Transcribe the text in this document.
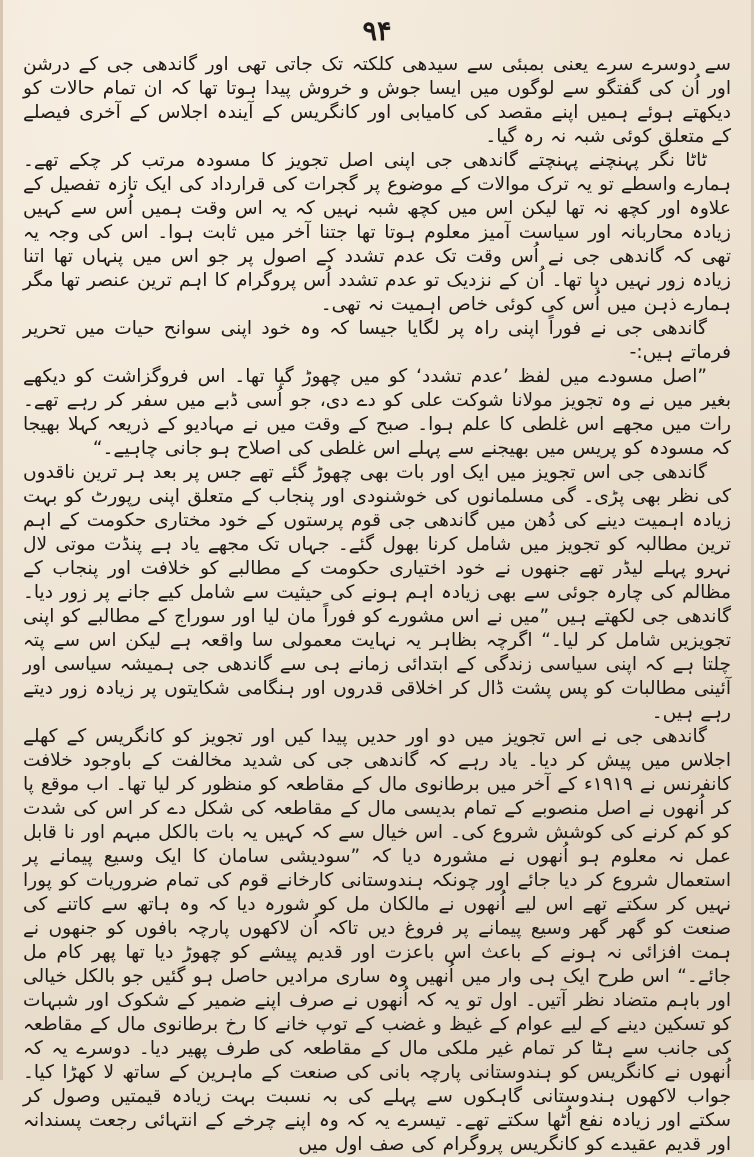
۹۴

سے دوسرے سرے یعنی بمبئی سے سیدھی کلکتہ تک جاتی تھی اور گاندھی جی کے درشن اور اُن کی گفتگو سے لوگوں میں ایسا جوش و خروش پیدا ہوتا تھا کہ ان تمام حالات کو دیکھتے ہوئے ہمیں اپنے مقصد کی کامیابی اور کانگریس کے آیندہ اجلاس کے آخری فیصلے کے متعلق کوئی شبہ نہ رہ گیا۔

ٹاٹا نگر پہنچنے پہنچتے گاندھی جی اپنی اصل تجویز کا مسودہ مرتب کر چکے تھے۔ ہمارے واسطے تو یہ ترک موالات کے موضوع پر گجرات کی قرارداد کی ایک تازہ تفصیل کے علاوہ اور کچھ نہ تھا لیکن اس میں کچھ شبہ نہیں کہ یہ اس وقت ہمیں اُس سے کہیں زیادہ محاربانہ اور سیاست آمیز معلوم ہوتا تھا جتنا آخر میں ثابت ہوا۔ اس کی وجہ یہ تھی کہ گاندھی جی نے اُس وقت تک عدم تشدد کے اصول پر جو اس میں پنہاں تھا اتنا زیادہ زور نہیں دیا تھا۔ اُن کے نزدیک تو عدم تشدد اُس پروگرام کا اہم ترین عنصر تھا مگر ہمارے ذہن میں اُس کی کوئی خاص اہمیت نہ تھی۔

گاندھی جی نے فوراً اپنی راہ پر لگایا جیسا کہ وہ خود اپنی سوانح حیات میں تحریر فرماتے ہیں:-

”اصل مسودے میں لفظ ’عدم تشدد‘ کو میں چھوڑ گیا تھا۔ اس فروگزاشت کو دیکھے بغیر میں نے وہ تجویز مولانا شوکت علی کو دے دی، جو اُسی ڈبے میں سفر کر رہے تھے۔ رات میں مجھے اس غلطی کا علم ہوا۔ صبح کے وقت میں نے مہادیو کے ذریعہ کہلا بھیجا کہ مسودہ کو پریس میں بھیجنے سے پہلے اس غلطی کی اصلاح ہو جانی چاہیے۔“

گاندھی جی اس تجویز میں ایک اور بات بھی چھوڑ گئے تھے جس پر بعد ہر ترین ناقدوں کی نظر بھی پڑی۔ گی مسلمانوں کی خوشنودی اور پنجاب کے متعلق اپنی رپورٹ کو بہت زیادہ اہمیت دینے کی دُھن میں گاندھی جی قوم پرستوں کے خود مختاری حکومت کے اہم ترین مطالبہ کو تجویز میں شامل کرنا بھول گئے۔ جہاں تک مجھے یاد ہے پنڈت موتی لال نہرو پہلے لیڈر تھے جنھوں نے خود اختیاری حکومت کے مطالبے کو خلافت اور پنجاب کے مظالم کی چارہ جوئی سے بھی زیادہ اہم ہونے کی حیثیت سے شامل کیے جانے پر زور دیا۔ گاندھی جی لکھتے ہیں ”میں نے اس مشورے کو فوراً مان لیا اور سوراج کے مطالبے کو اپنی تجویزیں شامل کر لیا۔“ اگرچہ بظاہر یہ نہایت معمولی سا واقعہ ہے لیکن اس سے پتہ چلتا ہے کہ اپنی سیاسی زندگی کے ابتدائی زمانے ہی سے گاندھی جی ہمیشہ سیاسی اور آئینی مطالبات کو پس پشت ڈال کر اخلاقی قدروں اور ہنگامی شکایتوں پر زیادہ زور دیتے رہے ہیں۔

گاندھی جی نے اس تجویز میں دو اور حدیں پیدا کیں اور تجویز کو کانگریس کے کھلے اجلاس میں پیش کر دیا۔ یاد رہے کہ گاندھی جی کی شدید مخالفت کے باوجود خلافت کانفرنس نے ۱۹۱۹ء کے آخر میں برطانوی مال کے مقاطعہ کو منظور کر لیا تھا۔ اب موقع پا کر اُنھوں نے اصل منصوبے کے تمام بدیسی مال کے مقاطعہ کی شکل دے کر اس کی شدت کو کم کرنے کی کوشش شروع کی۔ اس خیال سے کہ کہیں یہ بات بالکل مبہم اور نا قابل عمل نہ معلوم ہو اُنھوں نے مشورہ دیا کہ ”سودیشی سامان کا ایک وسیع پیمانے پر استعمال شروع کر دیا جائے اور چونکہ ہندوستانی کارخانے قوم کی تمام ضروریات کو پورا نہیں کر سکتے تھے اس لیے اُنھوں نے مالکان مل کو شورہ دیا کہ وہ ہاتھ سے کاتنے کی صنعت کو گھر گھر وسیع پیمانے پر فروغ دیں تاکہ اُن لاکھوں پارچہ بافوں کو جنھوں نے ہمت افزائی نہ ہونے کے باعث اس باعزت اور قدیم پیشے کو چھوڑ دیا تھا پھر کام مل جائے۔“ اس طرح ایک ہی وار میں اُنھیں وہ ساری مرادیں حاصل ہو گئیں جو بالکل خیالی اور باہم متضاد نظر آتیں۔ اول تو یہ کہ اُنھوں نے صرف اپنے ضمیر کے شکوک اور شبہات کو تسکین دینے کے لیے عوام کے غیظ و غضب کے توپ خانے کا رخ برطانوی مال کے مقاطعہ کی جانب سے ہٹا کر تمام غیر ملکی مال کے مقاطعہ کی طرف پھیر دیا۔ دوسرے یہ کہ اُنھوں نے کانگریس کو ہندوستانی پارچہ بانی کی صنعت کے ماہرین کے ساتھ لا کھڑا کیا۔ جواب لاکھوں ہندوستانی گاہکوں سے پہلے کی بہ نسبت بہت زیادہ قیمتیں وصول کر سکتے اور زیادہ نفع اُٹھا سکتے تھے۔ تیسرے یہ کہ وہ اپنے چرخے کے انتہائی رجعت پسندانہ اور قدیم عقیدے کو کانگریس پروگرام کی صف اول میں
